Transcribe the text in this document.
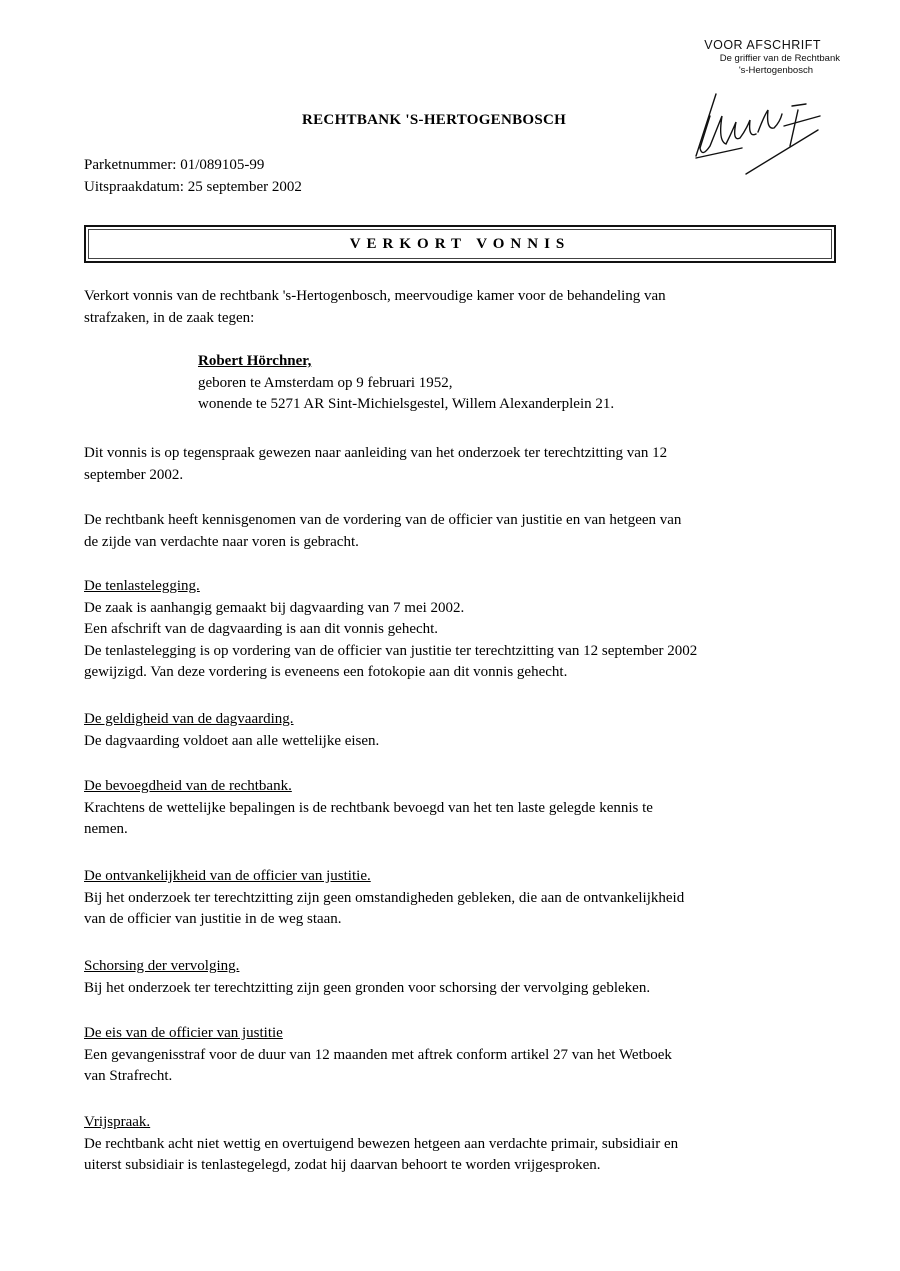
VOOR AFSCHRIFT
De griffier van de Rechtbank
's-Hertogenbosch
RECHTBANK 'S-HERTOGENBOSCH
Parketnummer: 01/089105-99
Uitspraakdatum: 25 september 2002
VERKORT VONNIS
Verkort vonnis van de rechtbank 's-Hertogenbosch, meervoudige kamer voor de behandeling van
strafzaken, in de zaak tegen:
Robert Hörchner,
geboren te Amsterdam op 9 februari 1952,
wonende te 5271 AR Sint-Michielsgestel, Willem Alexanderplein 21.
Dit vonnis is op tegenspraak gewezen naar aanleiding van het onderzoek ter terechtzitting van 12
september 2002.
De rechtbank heeft kennisgenomen van de vordering van de officier van justitie en van hetgeen van
de zijde van verdachte naar voren is gebracht.
De tenlastelegging.
De zaak is aanhangig gemaakt bij dagvaarding van 7 mei 2002.
Een afschrift van de dagvaarding is aan dit vonnis gehecht.
De tenlastelegging is op vordering van de officier van justitie ter terechtzitting van 12 september 2002
gewijzigd. Van deze vordering is eveneens een fotokopie aan dit vonnis gehecht.
De geldigheid van de dagvaarding.
De dagvaarding voldoet aan alle wettelijke eisen.
De bevoegdheid van de rechtbank.
Krachtens de wettelijke bepalingen is de rechtbank bevoegd van het ten laste gelegde kennis te
nemen.
De ontvankelijkheid van de officier van justitie.
Bij het onderzoek ter terechtzitting zijn geen omstandigheden gebleken, die aan de ontvankelijkheid
van de officier van justitie in de weg staan.
Schorsing der vervolging.
Bij het onderzoek ter terechtzitting zijn geen gronden voor schorsing der vervolging gebleken.
De eis van de officier van justitie
Een gevangenisstraf voor de duur van 12 maanden met aftrek conform artikel 27 van het Wetboek
van Strafrecht.
Vrijspraak.
De rechtbank acht niet wettig en overtuigend bewezen hetgeen aan verdachte primair, subsidiair en
uiterst subsidiair is tenlastegelegd, zodat hij daarvan behoort te worden vrijgesproken.
